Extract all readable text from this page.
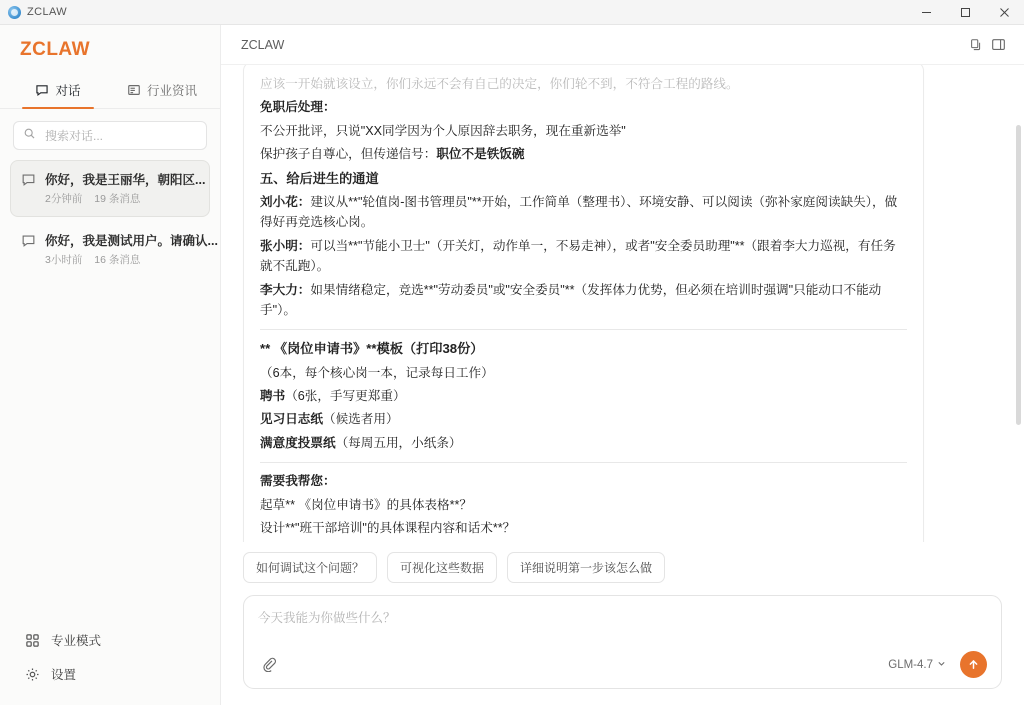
ZCLAW
ZCLAW
对话	行业资讯
搜索对话...
你好，我是王丽华，朝阳区... 2分钟前 19 条消息
你好，我是测试用户。请确认... 3小时前 16 条消息
专业模式
设置
ZCLAW

应该一开始就该设立，你们永远不会有自己的决定，你们轮不到，不符合工程的路线。

免职后处理：

不公开批评，只说"XX同学因为个人原因辞去职务，现在重新选举"

保护孩子自尊心，但传递信号：职位不是铁饭碗

五、给后进生的通道

刘小花：建议从**"轮值岗-图书管理员"**开始，工作简单（整理书）、环境安静、可以阅读（弥补家庭阅读缺失），做得好再竞选核心岗。

张小明：可以当**"节能小卫士"（开关灯，动作单一，不易走神），或者"安全委员助理"**（跟着李大力巡视，有任务就不乱跑）。

李大力：如果情绪稳定，竞选**"劳动委员"或"安全委员"**（发挥体力优势，但必须在培训时强调"只能动口不能动手"）。

** 《岗位申请书》**模板（打印38份）

（6本，每个核心岗一本，记录每日工作）

聘书（6张，手写更郑重）

见习日志纸（候选者用）

满意度投票纸（每周五用，小纸条）

需要我帮您：

起草** 《岗位申请书》的具体表格**？

设计**"班干部培训"的具体课程内容和话术**？

如何调试这个问题？	可视化这些数据	详细说明第一步该怎么做
今天我能为你做些什么？
GLM-4.7
